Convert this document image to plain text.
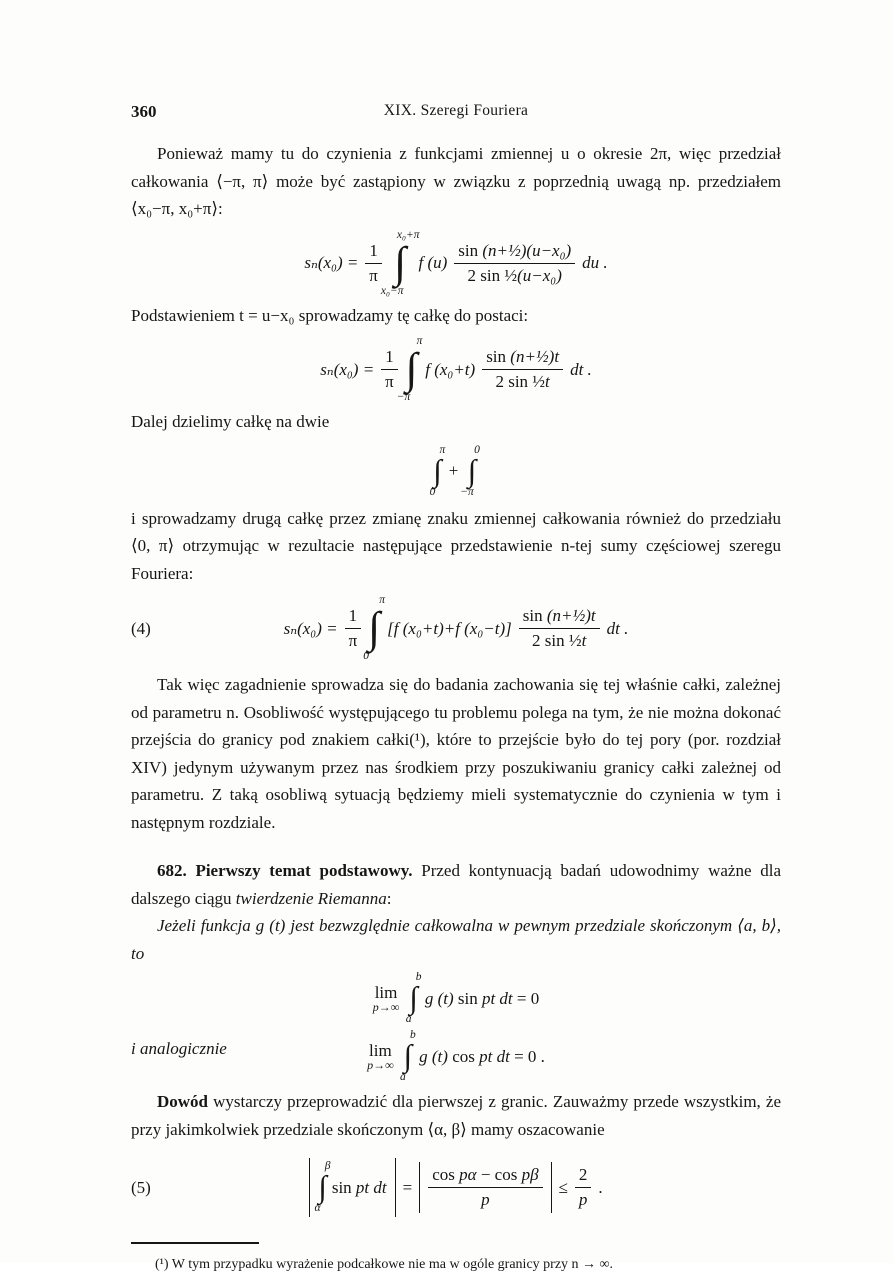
360	XIX. Szeregi Fouriera

Ponieważ mamy tu do czynienia z funkcjami zmiennej u o okresie 2π, więc przedział całkowania ⟨−π, π⟩ może być zastąpiony w związku z poprzednią uwagą np. przedziałem ⟨x₀−π, x₀+π⟩:

$s_n(x_0) = \frac{1}{\pi}$
x₀+π
∫
x₀−π
f $(u) \frac{\text{sin (n+½)(u−x₀)}}{\text{2 sin ½(u−x₀)}}$ du .

Podstawieniem t = u−x₀ sprowadzamy tę całkę do postaci:

$s_n(x_0) = \frac{1}{\pi}$
π
∫
−π
f $(x_0+t) \frac{\text{sin (n+½)t}}{\text{2 sin ½t}}$ dt .

Dalej dzielimy całkę na dwie

π
∫
0
+
0
∫
−π

i sprowadzamy drugą całkę przez zmianę znaku zmiennej całkowania również do przedziału ⟨0, π⟩ otrzymując w rezultacie następujące przedstawienie n-tej sumy częściowej szeregu Fouriera:

(4)	$s_n(x_0) = \frac{1}{\pi}$
π
∫
0
[f (x₀+t)+f $(x_0-t)] \frac{\text{sin (n+½)t}}{\text{2 sin ½t}}$ dt .

Tak więc zagadnienie sprowadza się do badania zachowania się tej właśnie całki, zależnej od parametru n. Osobliwość występującego tu problemu polega na tym, że nie można dokonać przejścia do granicy pod znakiem całki(¹), które to przejście było do tej pory (por. rozdział XIV) jedynym używanym przez nas środkiem przy poszukiwaniu granicy całki zależnej od parametru. Z taką osobliwą sytuacją będziemy mieli systematycznie do czynienia w tym i następnym rozdziale.

682. Pierwszy temat podstawowy. Przed kontynuacją badań udowodnimy ważne dla dalszego ciągu twierdzenie Riemanna:

Jeżeli funkcja g (t) jest bezwzględnie całkowalna w pewnym przedziale skończonym ⟨a, b⟩, to

lim
p→∞
b
∫
a
g (t) sin pt dt = 0
i analogicznie	lim
p→∞
b
∫
a
g (t) cos pt dt = 0 .

Dowód wystarczy przeprowadzić dla pierwszej z granic. Zauważmy przede wszystkim, że przy jakimkolwiek przedziale skończonym ⟨α, β⟩ mamy oszacowanie

(5)
β
∫
α
sin pt dt = $\frac{\text{cos pα − cos pβ}}{p} \le \frac{2}{p}$ .

(¹) W tym przypadku wyrażenie podcałkowe nie ma w ogóle granicy przy n → ∞.
